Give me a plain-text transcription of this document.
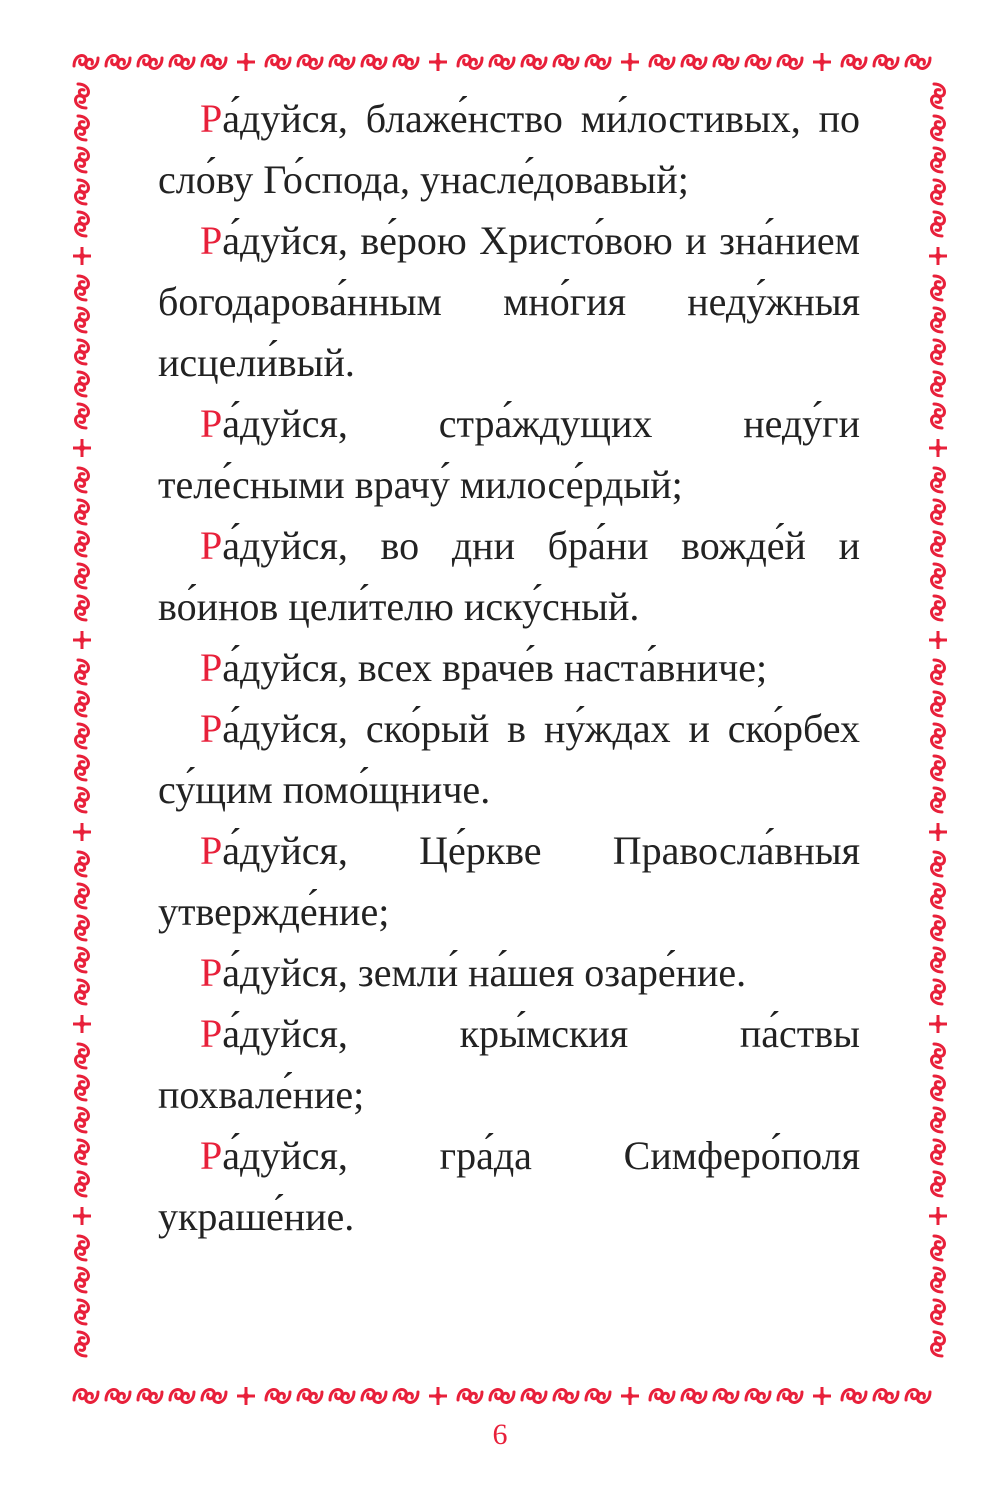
Ра́дуйся, блаже́нство ми́лостивых, по сло́ву Го́спода, унасле́довавый;

Ра́дуйся, ве́рою Христо́вою и зна́нием богодарова́нным мно́гия неду́жныя исцели́вый.

Ра́дуйся, стра́ждущих неду́ги теле́сными врачу́ милосе́рдый;

Ра́дуйся, во дни бра́ни вожде́й и во́инов цели́телю иску́сный.

Ра́дуйся, всех враче́в наста́вниче;

Ра́дуйся, ско́рый в ну́ждах и ско́рбех су́щим помо́щниче.

Ра́дуйся, Це́ркве Правосла́вныя утвержде́ние;

Ра́дуйся, земли́ на́шея озаре́ние.

Ра́дуйся, кры́мския па́ствы похвале́ние;

Ра́дуйся, гра́да Симферо́поля украше́ние.

6
